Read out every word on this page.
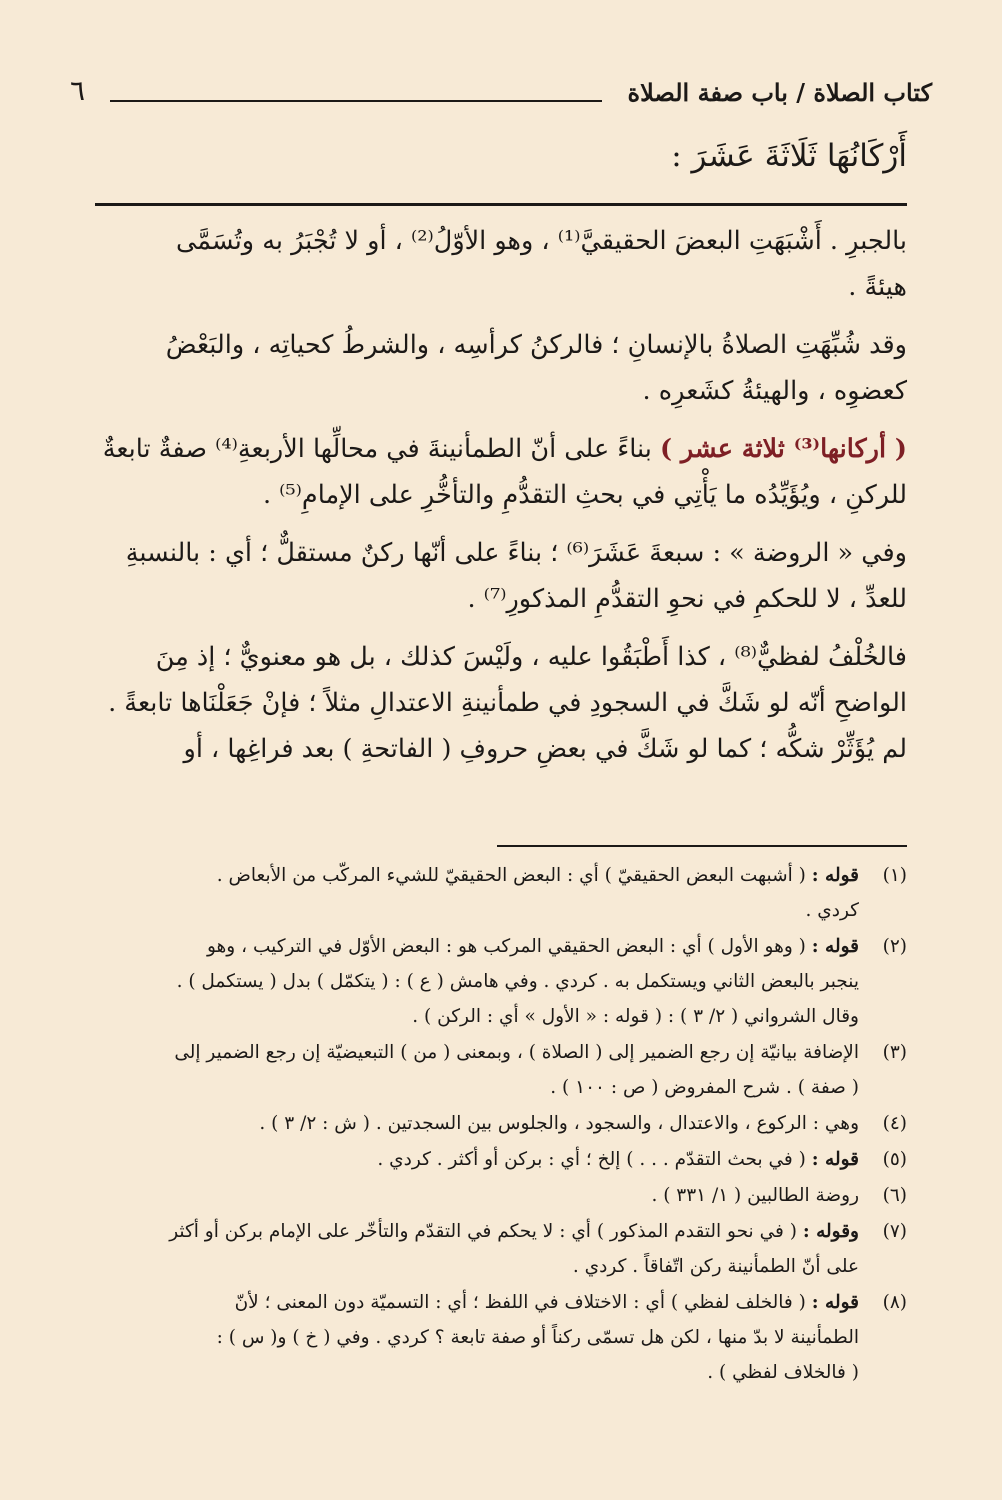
كتاب الصلاة / باب صفة الصلاة
٦
أَرْكَانُهَا ثَلَاثَةَ عَشَرَ :

بالجبرِ . أَشْبَهَتِ البعضَ الحقيقيَّ⁽¹⁾ ، وهو الأوّلُ⁽²⁾ ، أو لا تُجْبَرُ به وتُسَمَّى
هيئةً .

وقد شُبِّهَتِ الصلاةُ بالإنسانِ ؛ فالركنُ كرأسِه ، والشرطُ كحياتِه ، والبَعْضُ
كعضوِه ، والهيئةُ كشَعرِه .

( أركانها⁽³⁾ ثلاثة عشر ) بناءً على أنّ الطمأنينةَ في محالِّها الأربعةِ⁽⁴⁾ صفةٌ تابعةٌ
للركنِ ، ويُؤَيِّدُه ما يَأْتِي في بحثِ التقدُّمِ والتأخُّرِ على الإمامِ⁽⁵⁾ .

وفي « الروضة » : سبعةَ عَشَرَ⁽⁶⁾ ؛ بناءً على أنّها ركنٌ مستقلٌّ ؛ أي : بالنسبةِ
للعدِّ ، لا للحكمِ في نحوِ التقدُّمِ المذكورِ⁽⁷⁾ .

فالخُلْفُ لفظيٌّ⁽⁸⁾ ، كذا أَطْبَقُوا عليه ، ولَيْسَ كذلك ، بل هو معنويٌّ ؛ إذ مِنَ
الواضحِ أنّه لو شَكَّ في السجودِ في طمأنينةِ الاعتدالِ مثلاً ؛ فإنْ جَعَلْنَاها تابعةً .
لم يُؤَثِّرْ شكُّه ؛ كما لو شَكَّ في بعضِ حروفِ ( الفاتحةِ ) بعد فراغِها ، أو

(١)
قوله : ( أشبهت البعض الحقيقيّ ) أي : البعض الحقيقيّ للشيء المركّب من الأبعاض .
كردي .
(٢)
قوله : ( وهو الأول ) أي : البعض الحقيقي المركب هو : البعض الأوّل في التركيب ، وهو
ينجبر بالبعض الثاني ويستكمل به . كردي . وفي هامش ( ع ) : ( يتكمّل ) بدل ( يستكمل ) .
وقال الشرواني ( ٢/ ٣ ) : ( قوله : « الأول » أي : الركن ) .
(٣)
الإضافة بيانيّة إن رجع الضمير إلى ( الصلاة ) ، وبمعنى ( من ) التبعيضيّة إن رجع الضمير إلى
( صفة ) . شرح المفروض ( ص : ١٠٠ ) .
(٤)
وهي : الركوع ، والاعتدال ، والسجود ، والجلوس بين السجدتين . ( ش : ٢/ ٣ ) .
(٥)
قوله : ( في بحث التقدّم . . . ) إلخ ؛ أي : بركن أو أكثر . كردي .
(٦)
روضة الطالبين ( ١/ ٣٣١ ) .
(٧)
وقوله : ( في نحو التقدم المذكور ) أي : لا يحكم في التقدّم والتأخّر على الإمام بركن أو أكثر
على أنّ الطمأنينة ركن اتّفاقاً . كردي .
(٨)
قوله : ( فالخلف لفظي ) أي : الاختلاف في اللفظ ؛ أي : التسميّة دون المعنى ؛ لأنّ
الطمأنينة لا بدّ منها ، لكن هل تسمّى ركناً أو صفة تابعة ؟ كردي . وفي ( خ ) و( س ) :
( فالخلاف لفظي ) .
